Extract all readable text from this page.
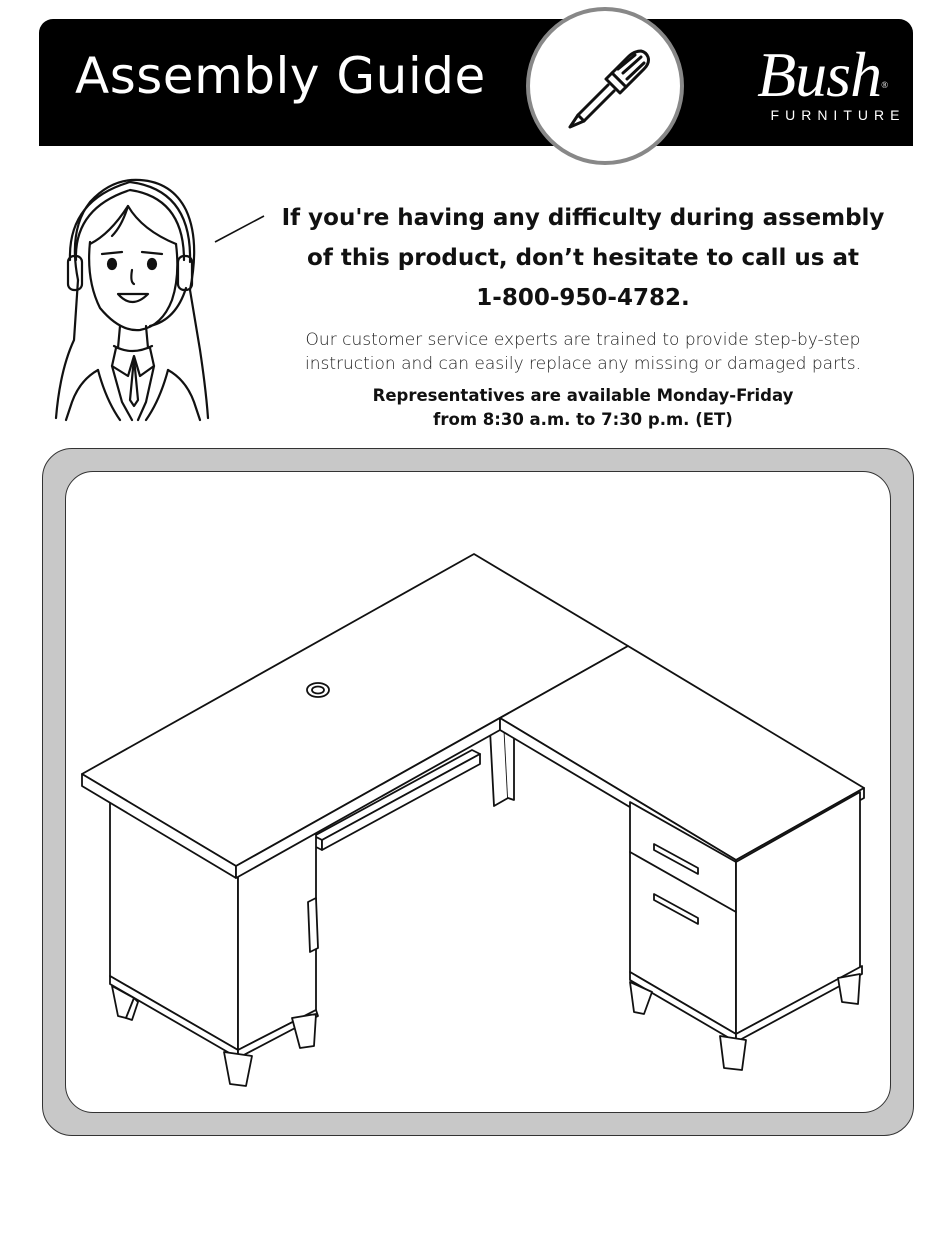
Assembly Guide	Bush®
FURNITURE
If you're having any difficulty during assembly
of this product, don’t hesitate to call us at
1-800-950-4782.
Our customer service experts are trained to provide step-by-step
instruction and can easily replace any missing or damaged parts.
Representatives are available Monday-Friday
from 8:30 a.m. to 7:30 p.m. (ET)
